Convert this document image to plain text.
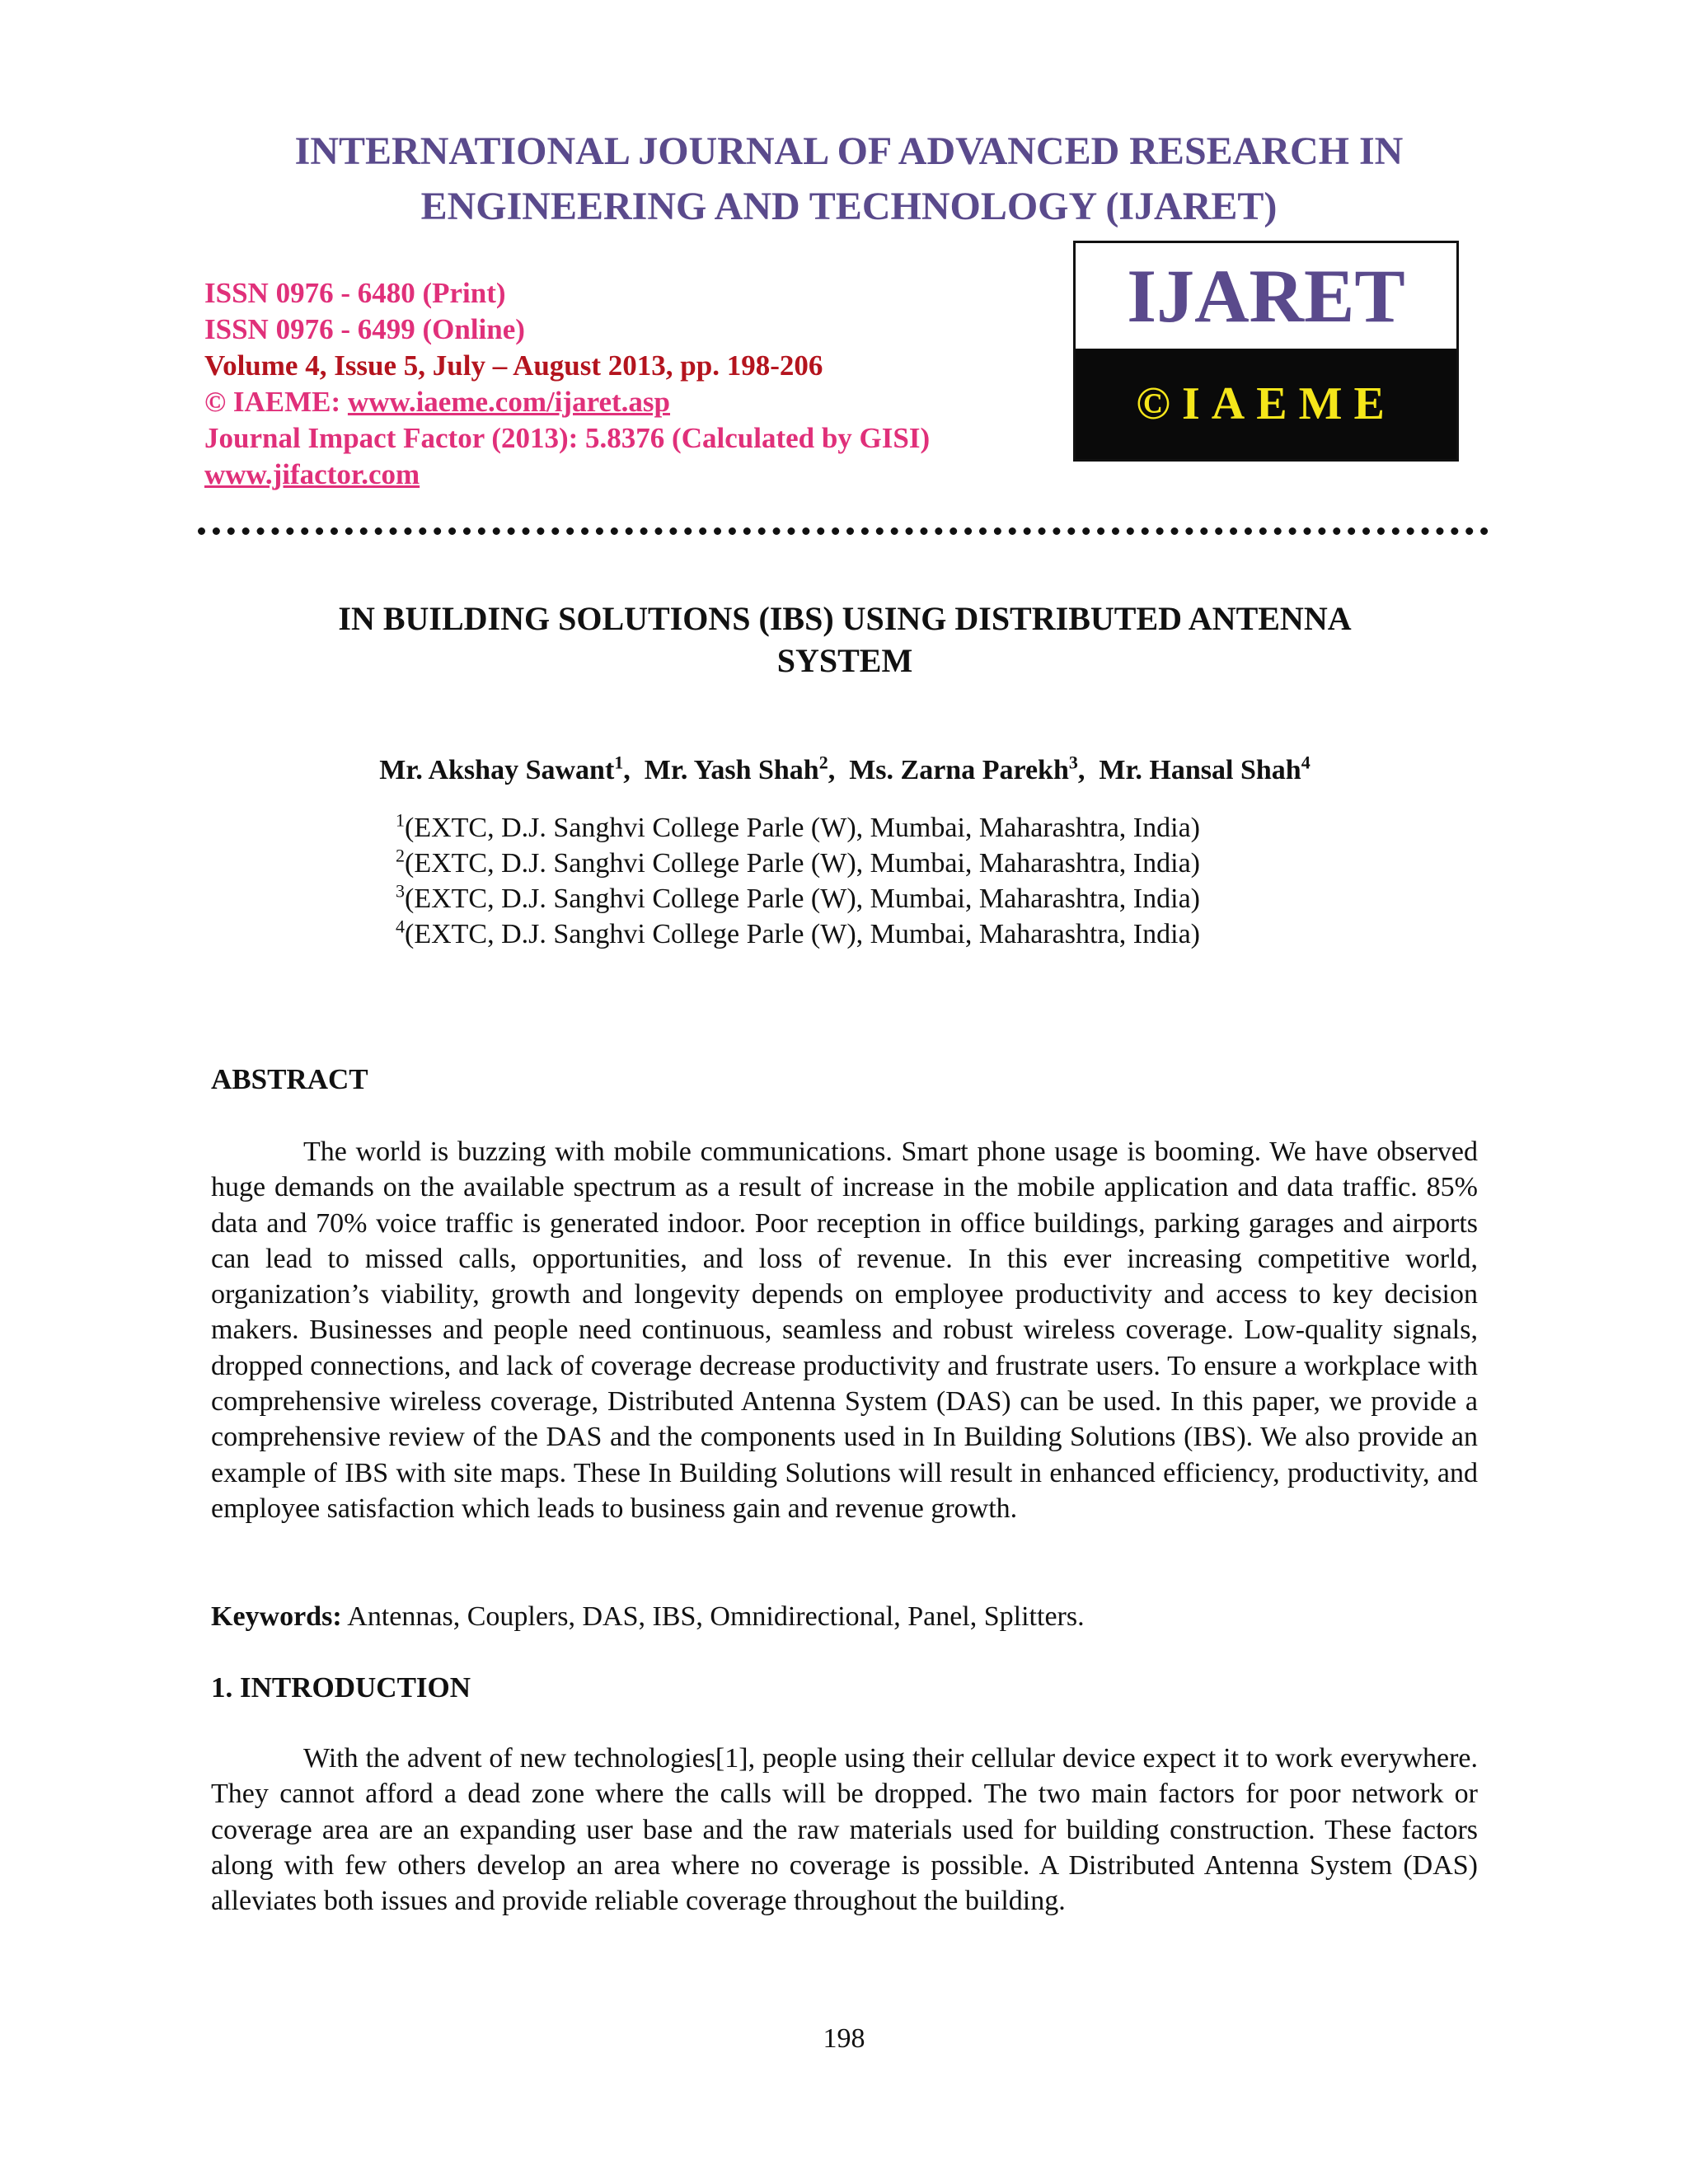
INTERNATIONAL JOURNAL OF ADVANCED RESEARCH IN
ENGINEERING AND TECHNOLOGY (IJARET)
ISSN 0976 - 6480 (Print)
ISSN 0976 - 6499 (Online)
Volume 4, Issue 5, July – August 2013, pp. 198-206
© IAEME: www.iaeme.com/ijaret.asp
Journal Impact Factor (2013): 5.8376 (Calculated by GISI)
www.jifactor.com
IJARET
©IAEME
IN BUILDING SOLUTIONS (IBS) USING DISTRIBUTED ANTENNA
SYSTEM
Mr. Akshay Sawant$^1$,  Mr. Yash Shah$^2$,  Ms. Zarna Parekh$^3$,  Mr. Hansal Shah$^4$
$^1$(EXTC, D.J. Sanghvi College Parle (W), Mumbai, Maharashtra, India)
$^2$(EXTC, D.J. Sanghvi College Parle (W), Mumbai, Maharashtra, India)
$^3$(EXTC, D.J. Sanghvi College Parle (W), Mumbai, Maharashtra, India)
$^4$(EXTC, D.J. Sanghvi College Parle (W), Mumbai, Maharashtra, India)
ABSTRACT

The world is buzzing with mobile communications. Smart phone usage is booming. We have observed huge demands on the available spectrum as a result of increase in the mobile application and data traffic. 85% data and 70% voice traffic is generated indoor. Poor reception in office buildings, parking garages and airports can lead to missed calls, opportunities, and loss of revenue. In this ever increasing competitive world, organization’s viability, growth and longevity depends on employee productivity and access to key decision makers. Businesses and people need continuous, seamless and robust wireless coverage. Low-quality signals, dropped connections, and lack of coverage decrease productivity and frustrate users. To ensure a workplace with comprehensive wireless coverage, Distributed Antenna System (DAS) can be used. In this paper, we provide a comprehensive review of the DAS and the components used in In Building Solutions (IBS). We also provide an example of IBS with site maps. These In Building Solutions will result in enhanced efficiency, productivity, and employee satisfaction which leads to business gain and revenue growth.

Keywords: Antennas, Couplers, DAS, IBS, Omnidirectional, Panel, Splitters.
1. INTRODUCTION

With the advent of new technologies[1], people using their cellular device expect it to work everywhere. They cannot afford a dead zone where the calls will be dropped. The two main factors for poor network or coverage area are an expanding user base and the raw materials used for building construction. These factors along with few others develop an area where no coverage is possible. A Distributed Antenna System (DAS) alleviates both issues and provide reliable coverage throughout the building.

198
